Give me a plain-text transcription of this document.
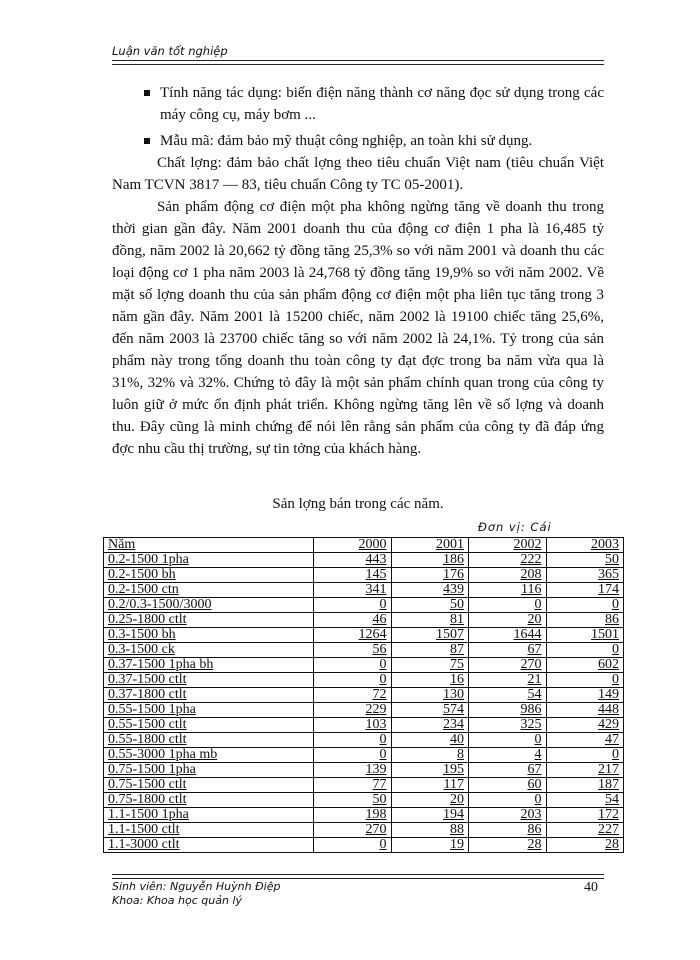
Luận văn tốt nghiệp

Tính năng tác dụng: biến điện năng thành cơ năng đọc sử dụng trong các máy công cụ, máy bơm ...

Mẫu mã: đảm bảo mỹ thuật công nghiệp, an toàn khi sử dụng.

Chất lợng: đảm bảo chất lợng theo tiêu chuẩn Việt nam (tiêu chuẩn Việt Nam TCVN 3817 — 83, tiêu chuẩn Công ty TC 05-2001).

Sản phẩm động cơ điện một pha không ngừng tăng về doanh thu trong thời gian gần đây. Năm 2001 doanh thu của động cơ điện 1 pha là 16,485 tỷ đồng, năm 2002 là 20,662 tỷ đồng tăng 25,3% so với năm 2001 và doanh thu các loại động cơ 1 pha năm 2003 là 24,768 tỷ đồng tăng 19,9% so với năm 2002. Về mặt số lợng doanh thu của sản phẩm động cơ điện một pha liên tục tăng trong 3 năm gần đây. Năm 2001 là 15200 chiếc, năm 2002 là 19100 chiếc tăng 25,6%, đến năm 2003 là 23700 chiếc tăng so với năm 2002 là 24,1%. Tỷ trong của sản phẩm này trong tổng doanh thu toàn công ty đạt đợc trong ba năm vừa qua là 31%, 32% và 32%. Chứng tỏ đây là một sản phẩm chính quan trong của công ty luôn giữ ở mức ổn định phát triển. Không ngừng tăng lên về số lợng và doanh thu. Đây cũng là minh chứng để nói lên rằng sản phẩm của công ty đã đáp ứng đợc nhu cầu thị trường, sự tin tởng của khách hàng.

Sản lợng bán trong các năm.
Đơn vị: Cái
Năm	2000	2001	2002	2003
0.2-1500 1pha	443	186	222	50
0.2-1500 bh	145	176	208	365
0.2-1500 ctn	341	439	116	174
0.2/0.3-1500/3000	0	50	0	0
0.25-1800 ctlt	46	81	20	86
0.3-1500 bh	1264	1507	1644	1501
0.3-1500 ck	56	87	67	0
0.37-1500 1pha bh	0	75	270	602
0.37-1500 ctlt	0	16	21	0
0.37-1800 ctlt	72	130	54	149
0.55-1500 1pha	229	574	986	448
0.55-1500 ctlt	103	234	325	429
0.55-1800 ctlt	0	40	0	47
0.55-3000 1pha mb	0	8	4	0
0.75-1500 1pha	139	195	67	217
0.75-1500 ctlt	77	117	60	187
0.75-1800 ctlt	50	20	0	54
1.1-1500 1pha	198	194	203	172
1.1-1500 ctlt	270	88	86	227
1.1-3000 ctlt	0	19	28	28
Sinh viên: Nguyễn Huỳnh Điệp
Khoa: Khoa học quản lý
40
